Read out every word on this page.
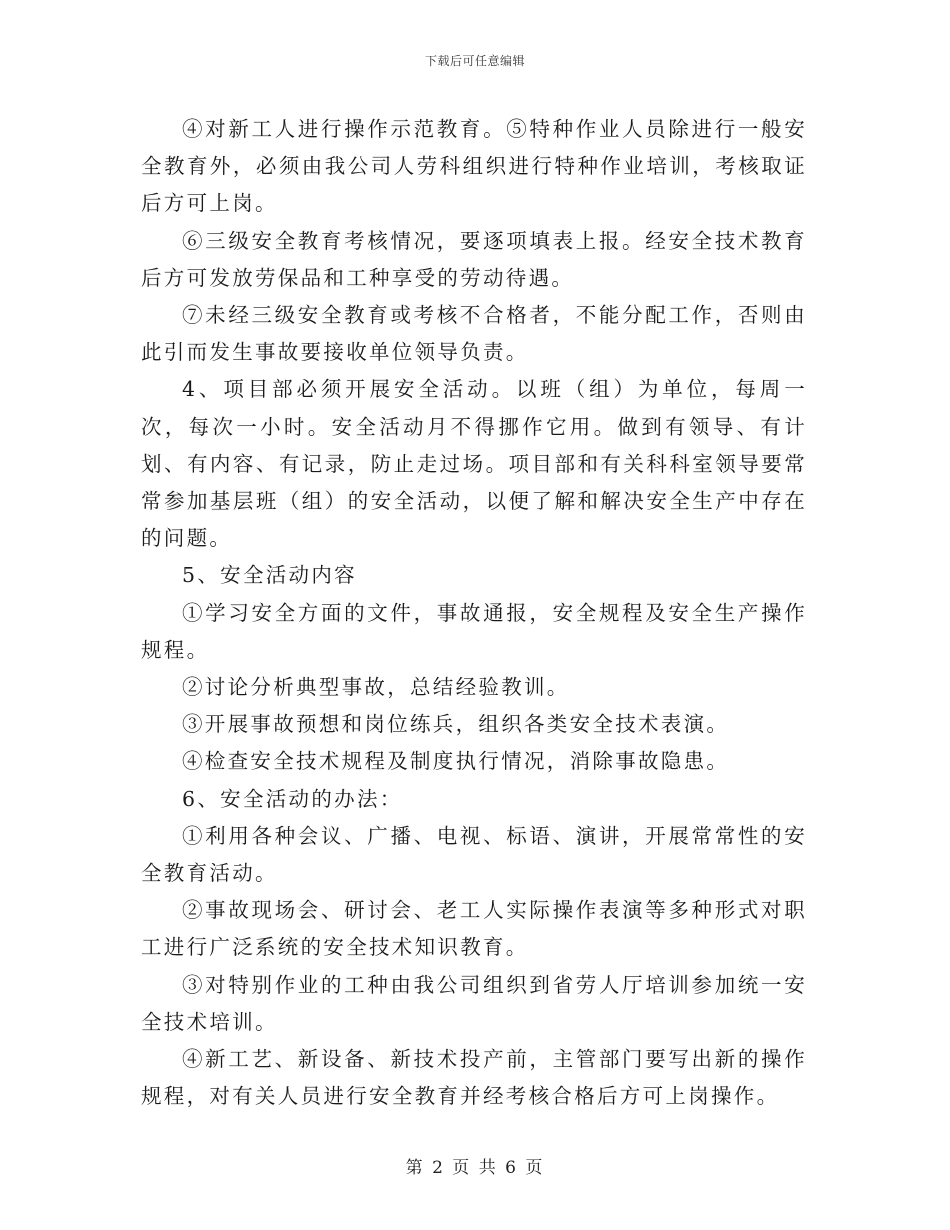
下载后可任意编辑

④对新工人进行操作示范教育。⑤特种作业人员除进行一般安全教育外，必须由我公司人劳科组织进行特种作业培训，考核取证后方可上岗。

⑥三级安全教育考核情况，要逐项填表上报。经安全技术教育后方可发放劳保品和工种享受的劳动待遇。

⑦未经三级安全教育或考核不合格者，不能分配工作，否则由此引而发生事故要接收单位领导负责。

4、项目部必须开展安全活动。以班（组）为单位，每周一次，每次一小时。安全活动月不得挪作它用。做到有领导、有计划、有内容、有记录，防止走过场。项目部和有关科科室领导要常常参加基层班（组）的安全活动，以便了解和解决安全生产中存在的问题。

5、安全活动内容

①学习安全方面的文件，事故通报，安全规程及安全生产操作规程。

②讨论分析典型事故，总结经验教训。

③开展事故预想和岗位练兵，组织各类安全技术表演。

④检查安全技术规程及制度执行情况，消除事故隐患。

6、安全活动的办法：

①利用各种会议、广播、电视、标语、演讲，开展常常性的安全教育活动。

②事故现场会、研讨会、老工人实际操作表演等多种形式对职工进行广泛系统的安全技术知识教育。

③对特别作业的工种由我公司组织到省劳人厅培训参加统一安全技术培训。

④新工艺、新设备、新技术投产前，主管部门要写出新的操作规程，对有关人员进行安全教育并经考核合格后方可上岗操作。

第 2 页 共 6 页
